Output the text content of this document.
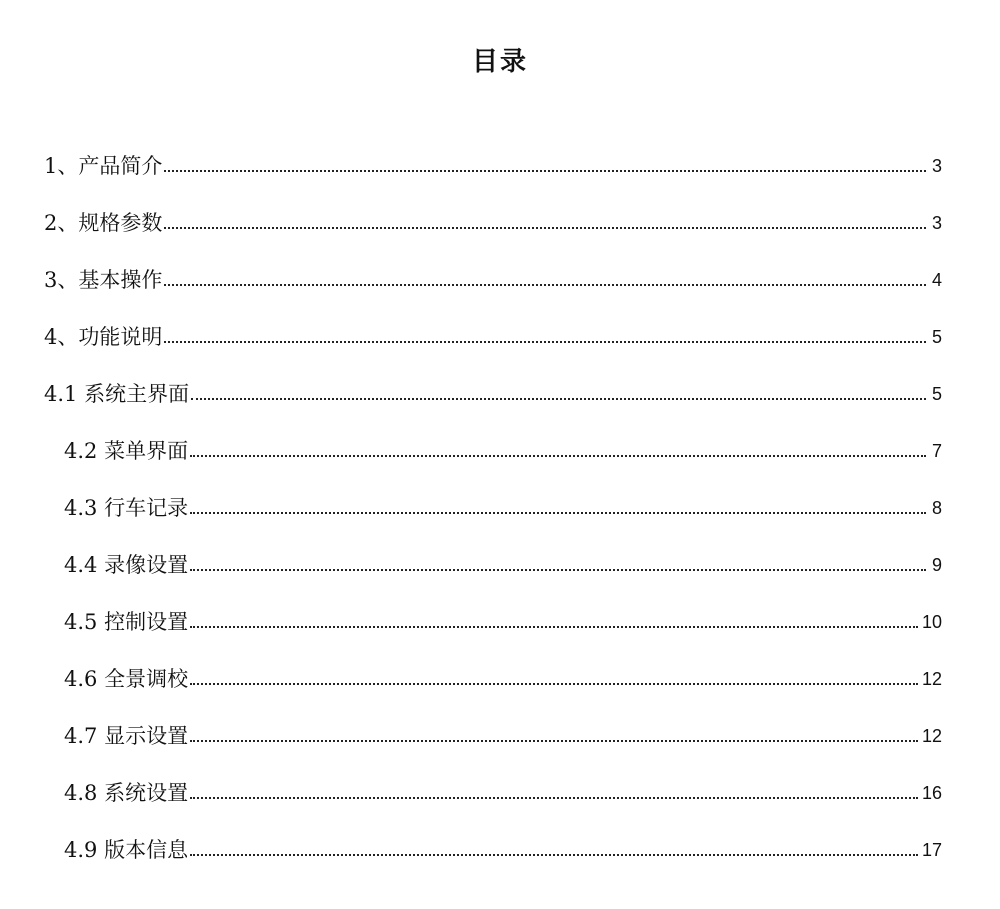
目录
1、产品简介	3
2、规格参数	3
3、基本操作	4
4、功能说明	5
4.1 系统主界面	5
4.2 菜单界面	7
4.3 行车记录	8
4.4 录像设置	9
4.5 控制设置	10
4.6 全景调校	12
4.7 显示设置	12
4.8 系统设置	16
4.9 版本信息	17
